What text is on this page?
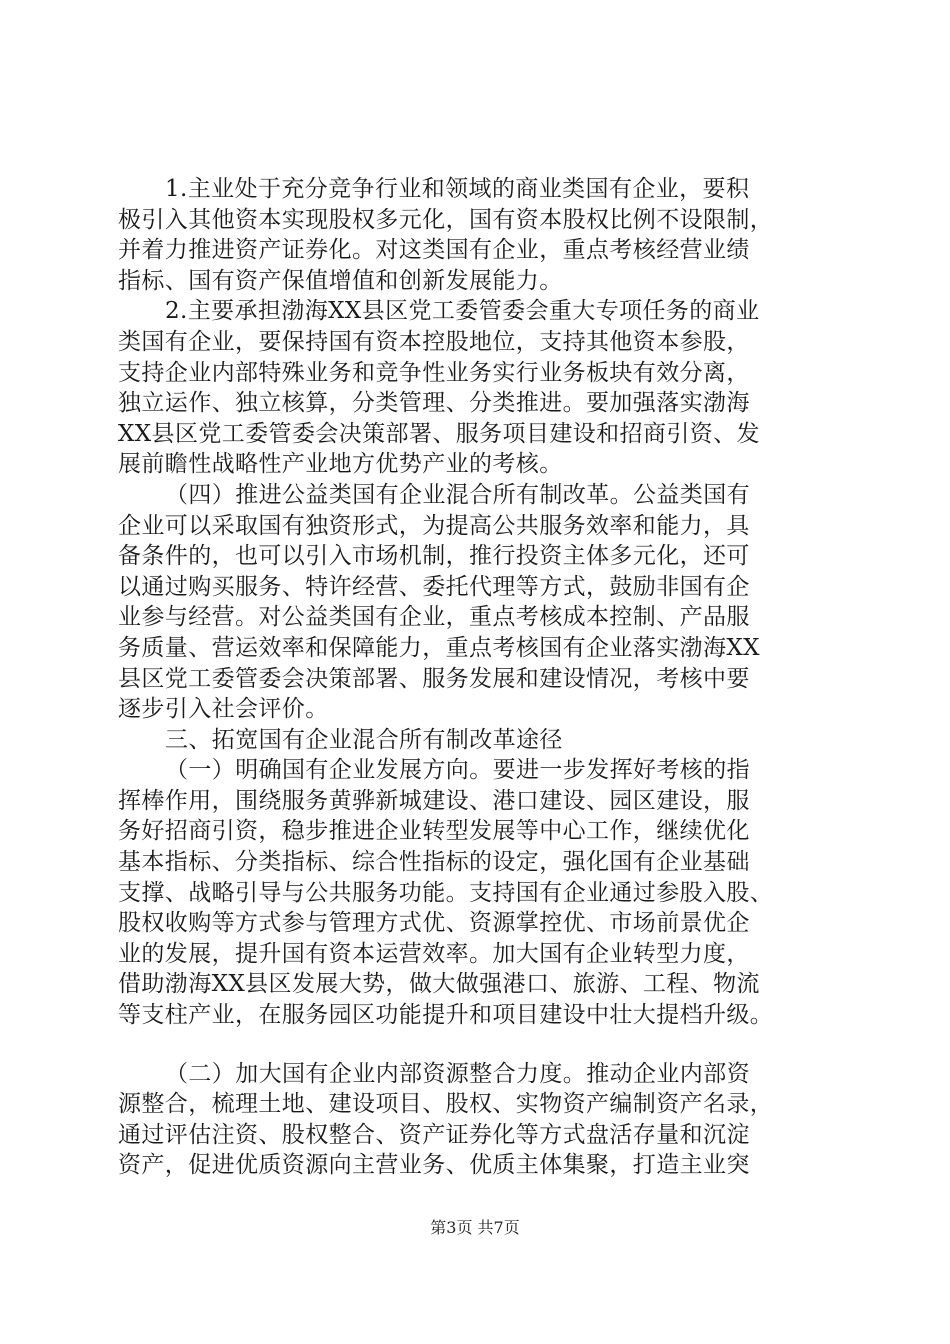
1.主业处于充分竞争行业和领域的商业类国有企业，要积
极引入其他资本实现股权多元化，国有资本股权比例不设限制，
并着力推进资产证券化。对这类国有企业，重点考核经营业绩
指标、国有资产保值增值和创新发展能力。
2.主要承担渤海XX县区党工委管委会重大专项任务的商业
类国有企业，要保持国有资本控股地位，支持其他资本参股，
支持企业内部特殊业务和竞争性业务实行业务板块有效分离，
独立运作、独立核算，分类管理、分类推进。要加强落实渤海
XX县区党工委管委会决策部署、服务项目建设和招商引资、发
展前瞻性战略性产业地方优势产业的考核。
（四）推进公益类国有企业混合所有制改革。公益类国有
企业可以采取国有独资形式，为提高公共服务效率和能力，具
备条件的，也可以引入市场机制，推行投资主体多元化，还可
以通过购买服务、特许经营、委托代理等方式，鼓励非国有企
业参与经营。对公益类国有企业，重点考核成本控制、产品服
务质量、营运效率和保障能力，重点考核国有企业落实渤海XX
县区党工委管委会决策部署、服务发展和建设情况，考核中要
逐步引入社会评价。
三、拓宽国有企业混合所有制改革途径
（一）明确国有企业发展方向。要进一步发挥好考核的指
挥棒作用，围绕服务黄骅新城建设、港口建设、园区建设，服
务好招商引资，稳步推进企业转型发展等中心工作，继续优化
基本指标、分类指标、综合性指标的设定，强化国有企业基础
支撑、战略引导与公共服务功能。支持国有企业通过参股入股、
股权收购等方式参与管理方式优、资源掌控优、市场前景优企
业的发展，提升国有资本运营效率。加大国有企业转型力度，
借助渤海XX县区发展大势，做大做强港口、旅游、工程、物流
等支柱产业，在服务园区功能提升和项目建设中壮大提档升级。
（二）加大国有企业内部资源整合力度。推动企业内部资
源整合，梳理土地、建设项目、股权、实物资产编制资产名录，
通过评估注资、股权整合、资产证券化等方式盘活存量和沉淀
资产，促进优质资源向主营业务、优质主体集聚，打造主业突
第3页 共7页
